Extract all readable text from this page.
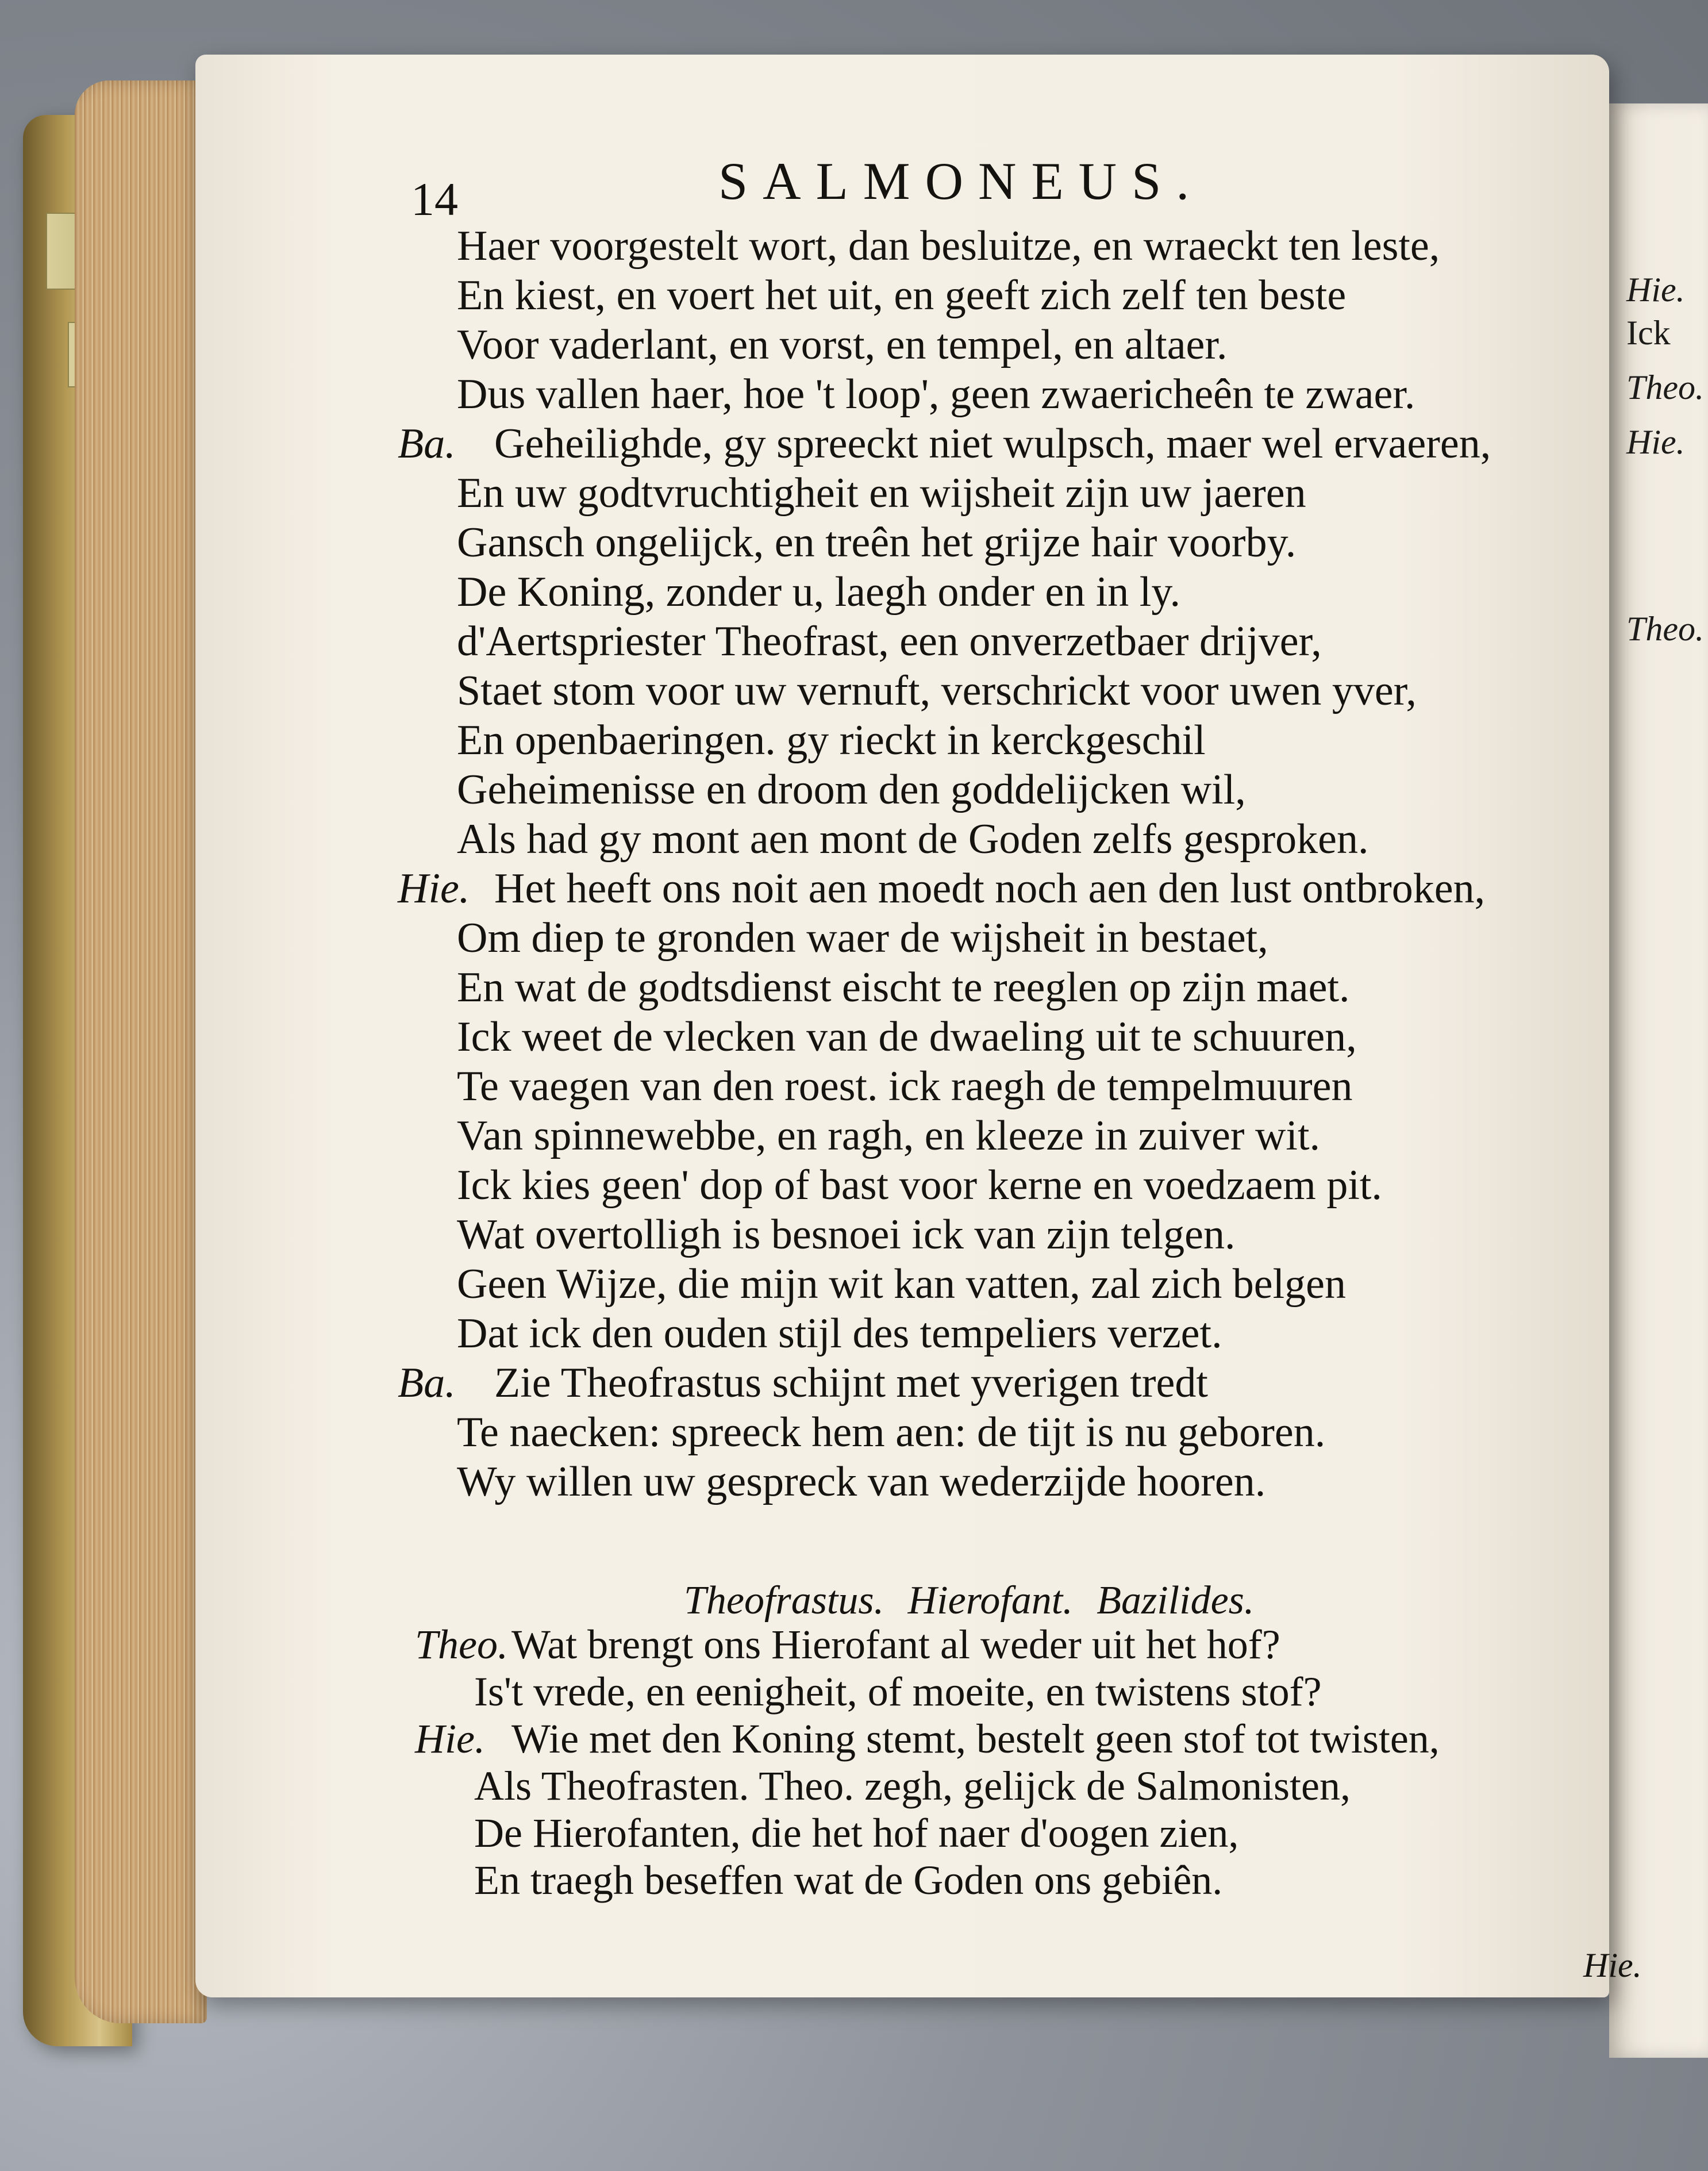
Hie.
Ick
Theo.
Hie.
Theo.
14	SALMONEUS.
Haer voorgestelt wort, dan besluitze, en wraeckt ten leste,
En kiest, en voert het uit, en geeft zich zelf ten beste
Voor vaderlant, en vorst, en tempel, en altaer.
Dus vallen haer, hoe 't loop', geen zwaericheên te zwaer.
Ba. Geheilighde, gy spreeckt niet wulpsch, maer wel ervaeren,
En uw godtvruchtigheit en wijsheit zijn uw jaeren
Gansch ongelijck, en treên het grijze hair voorby.
De Koning, zonder u, laegh onder en in ly.
d'Aertspriester Theofrast, een onverzetbaer drijver,
Staet stom voor uw vernuft, verschrickt voor uwen yver,
En openbaeringen. gy rieckt in kerckgeschil
Geheimenisse en droom den goddelijcken wil,
Als had gy mont aen mont de Goden zelfs gesproken.
Hie. Het heeft ons noit aen moedt noch aen den lust ontbroken,
Om diep te gronden waer de wijsheit in bestaet,
En wat de godtsdienst eischt te reeglen op zijn maet.
Ick weet de vlecken van de dwaeling uit te schuuren,
Te vaegen van den roest. ick raegh de tempelmuuren
Van spinnewebbe, en ragh, en kleeze in zuiver wit.
Ick kies geen' dop of bast voor kerne en voedzaem pit.
Wat overtolligh is besnoei ick van zijn telgen.
Geen Wijze, die mijn wit kan vatten, zal zich belgen
Dat ick den ouden stijl des tempeliers verzet.
Ba. Zie Theofrastus schijnt met yverigen tredt
Te naecken: spreeck hem aen: de tijt is nu geboren.
Wy willen uw gespreck van wederzijde hooren.
Theofrastus. Hierofant. Bazilides.
Theo. Wat brengt ons Hierofant al weder uit het hof?
Is't vrede, en eenigheit, of moeite, en twistens stof?
Hie. Wie met den Koning stemt, bestelt geen stof tot twisten,
Als Theofrasten. Theo. zegh, gelijck de Salmonisten,
De Hierofanten, die het hof naer d'oogen zien,
En traegh beseffen wat de Goden ons gebiên.
Hie.
